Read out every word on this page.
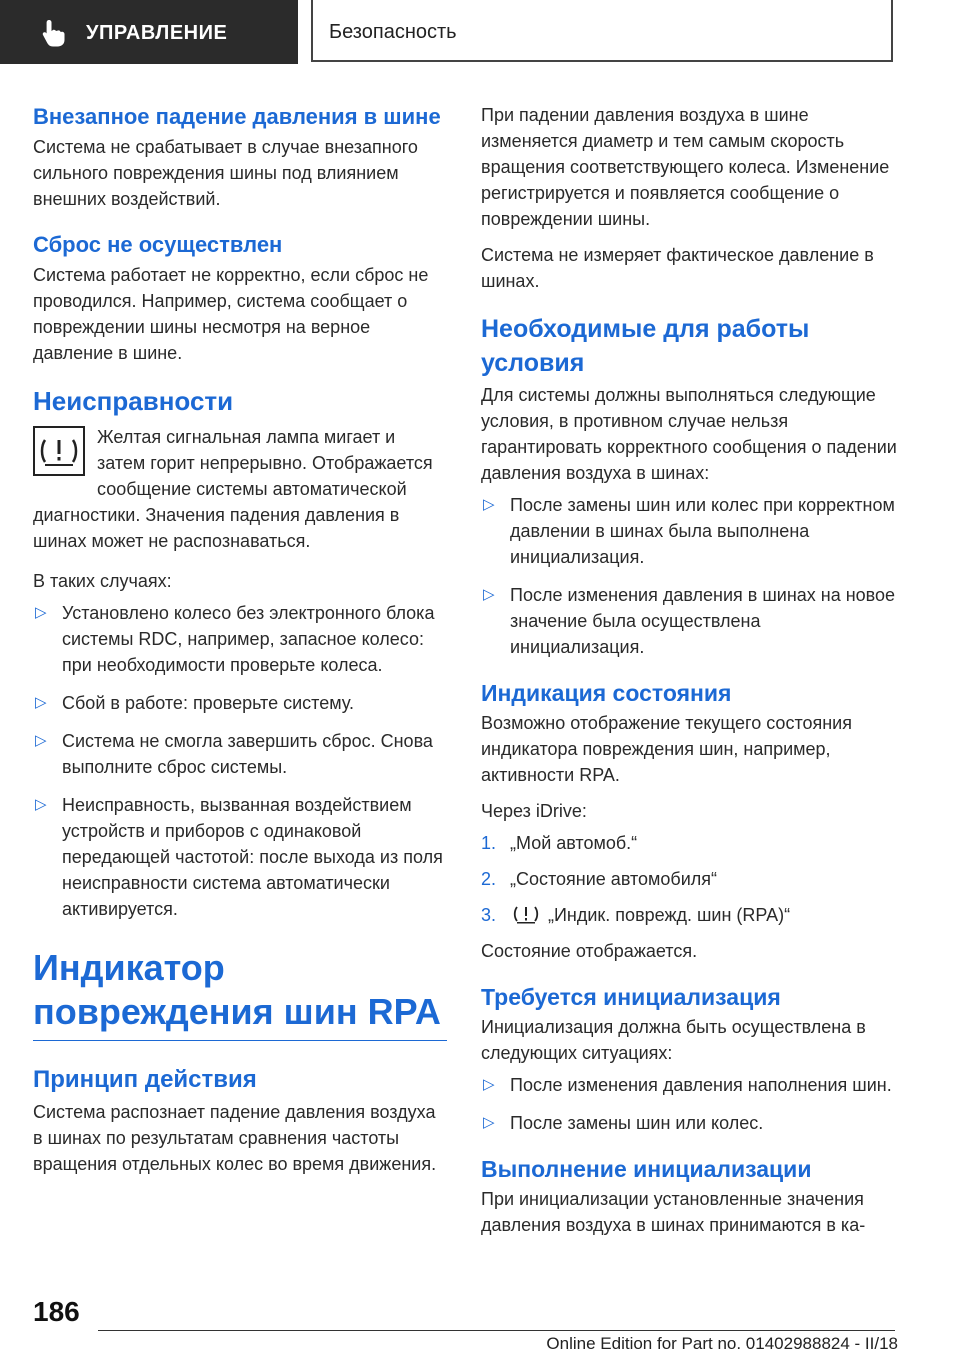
УПРАВЛЕНИЕ	Безопасность
Внезапное падение давления в шине

Система не срабатывает в случае внезапного сильного повреждения шины под влиянием внешних воздействий.

Сброс не осуществлен

Система работает не корректно, если сброс не проводился. Например, система сообщает о повреждении шины несмотря на верное давление в шине.

Неисправности

Желтая сигнальная лампа мигает и затем горит непрерывно. Отображается сообщение системы автоматической диагностики. Значения падения давления в шинах может не распознаваться.

В таких случаях:

▷ Установлено колесо без электронного блока системы RDC, например, запасное колесо: при необходимости проверьте колеса.
▷ Сбой в работе: проверьте систему.
▷ Система не смогла завершить сброс. Снова выполните сброс системы.
▷ Неисправность, вызванная воздействием устройств и приборов с одинаковой передающей частотой: после выхода из поля неисправности система автоматически активируется.
Индикатор повреждения шин RPA
Принцип действия

Система распознает падение давления воздуха в шинах по результатам сравнения частоты вращения отдельных колес во время движения.

При падении давления воздуха в шине изменяется диаметр и тем самым скорость вращения соответствующего колеса. Изменение регистрируется и появляется сообщение о повреждении шины.

Система не измеряет фактическое давление в шинах.

Необходимые для работы условия

Для системы должны выполняться следующие условия, в противном случае нельзя гарантировать корректного сообщения о падении давления воздуха в шинах:

▷ После замены шин или колес при корректном давлении в шинах была выполнена инициализация.
▷ После изменения давления в шинах на новое значение была осуществлена инициализация.
Индикация состояния

Возможно отображение текущего состояния индикатора повреждения шин, например, активности RPA.

Через iDrive:

1. „Мой автомоб.“
2. „Состояние автомобиля“
3.	„Индик. поврежд. шин (RPA)“

Состояние отображается.

Требуется инициализация

Инициализация должна быть осуществлена в следующих ситуациях:

▷ После изменения давления наполнения шин.
▷ После замены шин или колес.
Выполнение инициализации

При инициализации установленные значения давления воздуха в шинах принимаются в ка-

186
Online Edition for Part no. 01402988824 - II/18
